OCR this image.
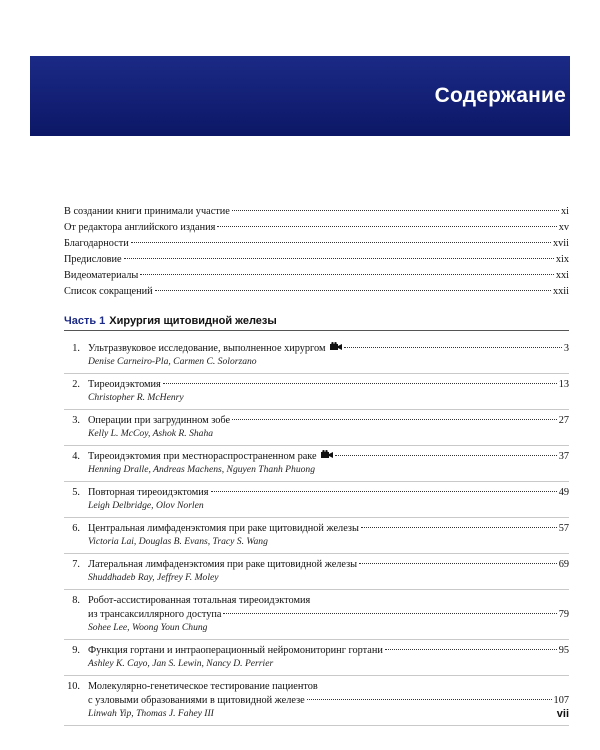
Содержание
В создании книги принимали участие	xi
От редактора английского издания	xv
Благодарности	xvii
Предисловие	xix
Видеоматериалы	xxi
Список сокращений	xxii
Часть 1 Хирургия щитовидной железы
1. Ультразвуковое исследование, выполненное хирургом	3
Denise Carneiro-Pla, Carmen C. Solorzano
2. Тиреоидэктомия	13
Christopher R. McHenry
3. Операции при загрудинном зобе	27
Kelly L. McCoy, Ashok R. Shaha
4. Тиреоидэктомия при местнораспространенном раке	37
Henning Dralle, Andreas Machens, Nguyen Thanh Phuong
5. Повторная тиреоидэктомия	49
Leigh Delbridge, Olov Norlen
6. Центральная лимфаденэктомия при раке щитовидной железы	57
Victoria Lai, Douglas B. Evans, Tracy S. Wang
7. Латеральная лимфаденэктомия при раке щитовидной железы	69
Shuddhadeb Ray, Jeffrey F. Moley
8. Робот-ассистированная тотальная тиреоидэктомия
из трансаксиллярного доступа	79
Sohee Lee, Woong Youn Chung
9. Функция гортани и интраоперационный нейромониторинг гортани	95
Ashley K. Cayo, Jan S. Lewin, Nancy D. Perrier
10. Молекулярно-генетическое тестирование пациентов
с узловыми образованиями в щитовидной железе	107
Linwah Yip, Thomas J. Fahey III	vii
